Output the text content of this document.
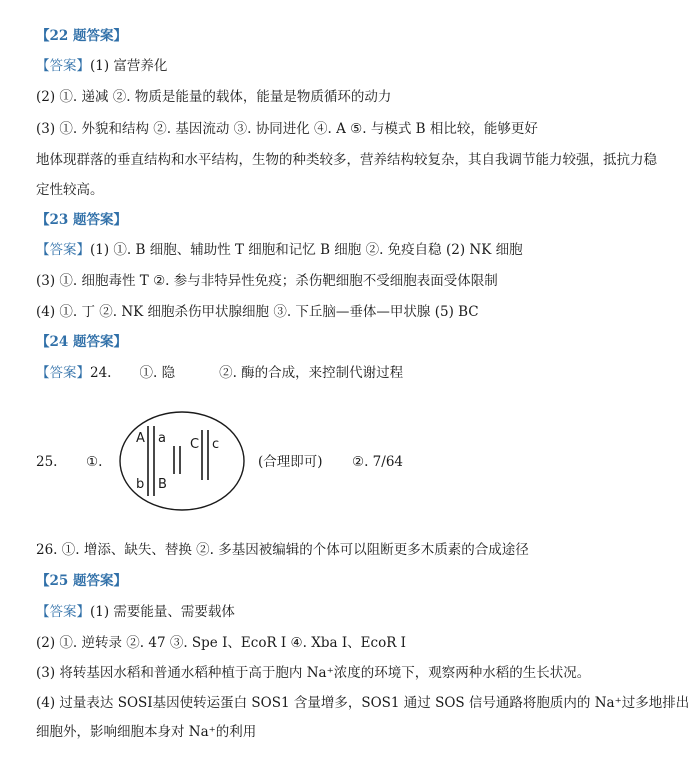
【22 题答案】
【答案】(1) 富营养化
(2) ①. 递减 ②. 物质是能量的载体，能量是物质循环的动力
(3) ①. 外貌和结构 ②. 基因流动 ③. 协同进化 ④. A ⑤. 与模式 B 相比较，能够更好
地体现群落的垂直结构和水平结构，生物的种类较多，营养结构较复杂，其自我调节能力较强，抵抗力稳
定性较高。
【23 题答案】
【答案】(1) ①. B 细胞、辅助性 T 细胞和记忆 B 细胞 ②. 免疫自稳 (2) NK 细胞
(3) ①. 细胞毒性 T ②. 参与非特异性免疫；杀伤靶细胞不受细胞表面受体限制
(4) ①. 丁 ②. NK 细胞杀伤甲状腺细胞 ③. 下丘脑—垂体—甲状腺 (5) BC
【24 题答案】
【答案】24. ①. 隐	②. 酶的合成，来控制代谢过程
25. ①.
A a
b B
C c
(合理即可) ②. 7/64
26. ①. 增添、缺失、替换 ②. 多基因被编辑的个体可以阻断更多木质素的合成途径
【25 题答案】
【答案】(1) 需要能量、需要载体
(2) ①. 逆转录 ②. 47 ③. Spe I、EcoR I ④. Xba I、EcoR I
(3) 将转基因水稻和普通水稻种植于高于胞内 Na⁺浓度的环境下，观察两种水稻的生长状况。
(4) 过量表达 SOSI基因使转运蛋白 SOS1 含量增多，SOS1 通过 SOS 信号通路将胞质内的 Na⁺过多地排出
细胞外，影响细胞本身对 Na⁺的利用
